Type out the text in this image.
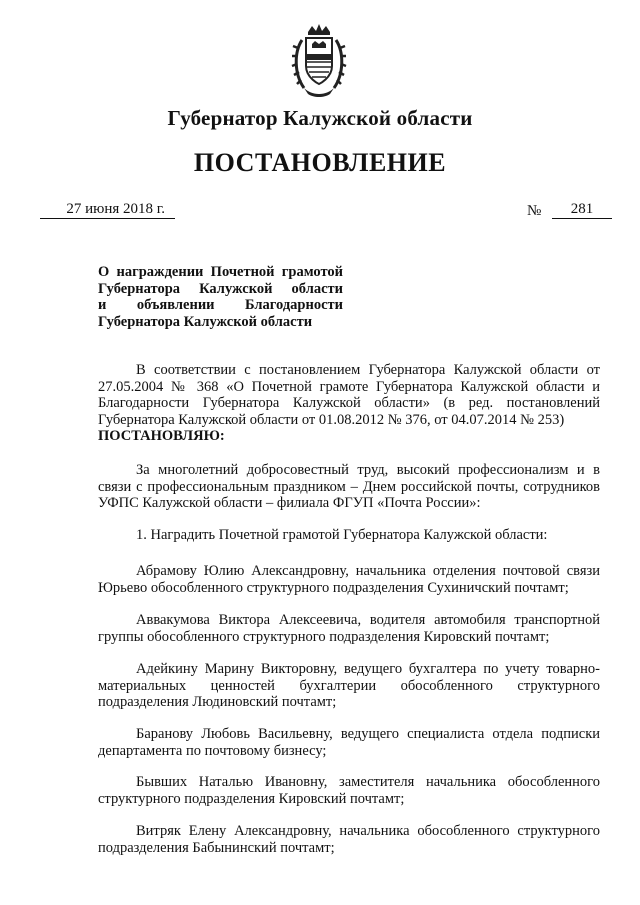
Губернатор Калужской области
ПОСТАНОВЛЕНИЕ
27 июня 2018 г.	№	281
О награждении Почетной грамотой
Губернатора Калужской области
и объявлении Благодарности
Губернатора Калужской области

В соответствии с постановлением Губернатора Калужской области от 27.05.2004 № 368 «О Почетной грамоте Губернатора Калужской области и Благодарности Губернатора Калужской области» (в ред. постановлений Губернатора Калужской области от 01.08.2012 № 376, от 04.07.2014 № 253)

ПОСТАНОВЛЯЮ:

За многолетний добросовестный труд, высокий профессионализм и в связи с профессиональным праздником – Днем российской почты, сотрудников УФПС Калужской области – филиала ФГУП «Почта России»:

1. Наградить Почетной грамотой Губернатора Калужской области:

Абрамову Юлию Александровну, начальника отделения почтовой связи Юрьево обособленного структурного подразделения Сухиничский почтамт;

Аввакумова Виктора Алексеевича, водителя автомобиля транспортной группы обособленного структурного подразделения Кировский почтамт;

Адейкину Марину Викторовну, ведущего бухгалтера по учету товарно-материальных ценностей бухгалтерии обособленного структурного подразделения Людиновский почтамт;

Баранову Любовь Васильевну, ведущего специалиста отдела подписки департамента по почтовому бизнесу;

Бывших Наталью Ивановну, заместителя начальника обособленного структурного подразделения Кировский почтамт;

Витряк Елену Александровну, начальника обособленного структурного подразделения Бабынинский почтамт;
